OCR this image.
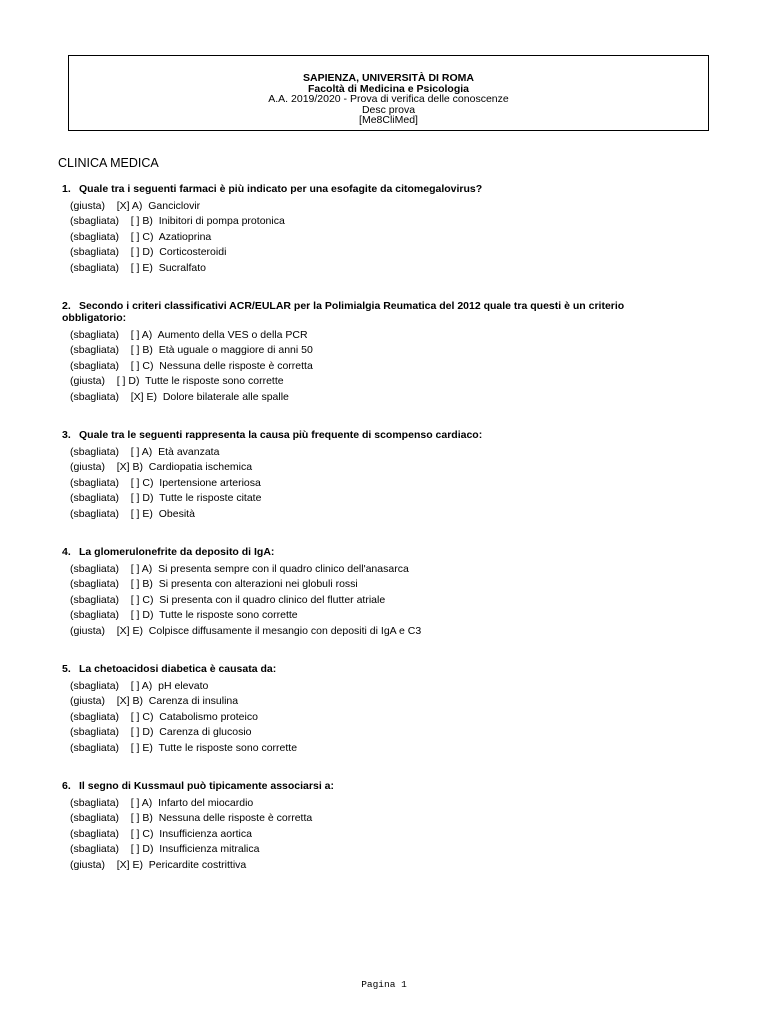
SAPIENZA, UNIVERSITÀ DI ROMA
Facoltà di Medicina e Psicologia
A.A. 2019/2020 - Prova di verifica delle conoscenze
Desc prova
[Me8CliMed]
CLINICA MEDICA
1. Quale tra i seguenti farmaci è più indicato per una esofagite da citomegalovirus?
(giusta) [X] A) Ganciclovir
(sbagliata) [ ] B) Inibitori di pompa protonica
(sbagliata) [ ] C) Azatioprina
(sbagliata) [ ] D) Corticosteroidi
(sbagliata) [ ] E) Sucralfato
2. Secondo i criteri classificativi ACR/EULAR per la Polimialgia Reumatica del 2012 quale tra questi è un criterio obbligatorio:
(sbagliata) [ ] A) Aumento della VES o della PCR
(sbagliata) [ ] B) Età uguale o maggiore di anni 50
(sbagliata) [ ] C) Nessuna delle risposte è corretta
(giusta) [ ] D) Tutte le risposte sono corrette
(sbagliata) [X] E) Dolore bilaterale alle spalle
3. Quale tra le seguenti rappresenta la causa più frequente di scompenso cardiaco:
(sbagliata) [ ] A) Età avanzata
(giusta) [X] B) Cardiopatia ischemica
(sbagliata) [ ] C) Ipertensione arteriosa
(sbagliata) [ ] D) Tutte le risposte citate
(sbagliata) [ ] E) Obesità
4. La glomerulonefrite da deposito di IgA:
(sbagliata) [ ] A) Si presenta sempre con il quadro clinico dell'anasarca
(sbagliata) [ ] B) Si presenta con alterazioni nei globuli rossi
(sbagliata) [ ] C) Si presenta con il quadro clinico del flutter atriale
(sbagliata) [ ] D) Tutte le risposte sono corrette
(giusta) [X] E) Colpisce diffusamente il mesangio con depositi di IgA e C3
5. La chetoacidosi diabetica è causata da:
(sbagliata) [ ] A) pH elevato
(giusta) [X] B) Carenza di insulina
(sbagliata) [ ] C) Catabolismo proteico
(sbagliata) [ ] D) Carenza di glucosio
(sbagliata) [ ] E) Tutte le risposte sono corrette
6. Il segno di Kussmaul può tipicamente associarsi a:
(sbagliata) [ ] A) Infarto del miocardio
(sbagliata) [ ] B) Nessuna delle risposte è corretta
(sbagliata) [ ] C) Insufficienza aortica
(sbagliata) [ ] D) Insufficienza mitralica
(giusta) [X] E) Pericardite costrittiva
Pagina 1
